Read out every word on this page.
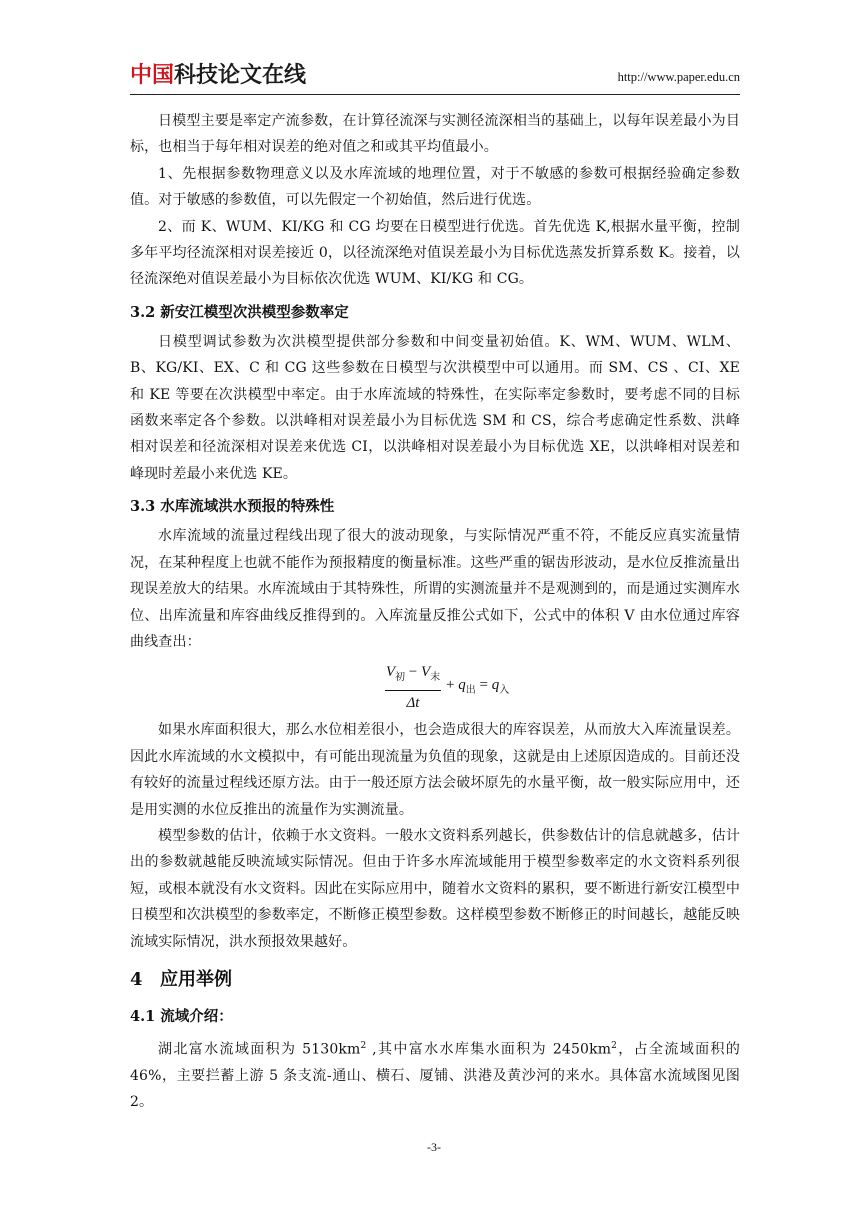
中国科技论文在线	http://www.paper.edu.cn

日模型主要是率定产流参数，在计算径流深与实测径流深相当的基础上，以每年误差最小为目标，也相当于每年相对误差的绝对值之和或其平均值最小。

1、先根据参数物理意义以及水库流域的地理位置，对于不敏感的参数可根据经验确定参数值。对于敏感的参数值，可以先假定一个初始值，然后进行优选。

2、而 K、WUM、KI/KG 和 CG 均要在日模型进行优选。首先优选 K,根据水量平衡，控制多年平均径流深相对误差接近 0，以径流深绝对值误差最小为目标优选蒸发折算系数 K。接着，以径流深绝对值误差最小为目标依次优选 WUM、KI/KG 和 CG。

3.2 新安江模型次洪模型参数率定

日模型调试参数为次洪模型提供部分参数和中间变量初始值。K、WM、WUM、WLM、B、KG/KI、EX、C 和 CG 这些参数在日模型与次洪模型中可以通用。而 SM、CS 、CI、XE 和 KE 等要在次洪模型中率定。由于水库流域的特殊性，在实际率定参数时，要考虑不同的目标函数来率定各个参数。以洪峰相对误差最小为目标优选 SM 和 CS，综合考虑确定性系数、洪峰相对误差和径流深相对误差来优选 CI，以洪峰相对误差最小为目标优选 XE，以洪峰相对误差和峰现时差最小来优选 KE。

3.3 水库流域洪水预报的特殊性

水库流域的流量过程线出现了很大的波动现象，与实际情况严重不符，不能反应真实流量情况，在某种程度上也就不能作为预报精度的衡量标准。这些严重的锯齿形波动，是水位反推流量出现误差放大的结果。水库流域由于其特殊性，所谓的实测流量并不是观测到的，而是通过实测库水位、出库流量和库容曲线反推得到的。入库流量反推公式如下，公式中的体积 V 由水位通过库容曲线查出：

$V_初 - V_末$
Δt
+ $q_出 = q_入$

如果水库面积很大，那么水位相差很小，也会造成很大的库容误差，从而放大入库流量误差。因此水库流域的水文模拟中，有可能出现流量为负值的现象，这就是由上述原因造成的。目前还没有较好的流量过程线还原方法。由于一般还原方法会破坏原先的水量平衡，故一般实际应用中，还是用实测的水位反推出的流量作为实测流量。

模型参数的估计，依赖于水文资料。一般水文资料系列越长，供参数估计的信息就越多，估计出的参数就越能反映流域实际情况。但由于许多水库流域能用于模型参数率定的水文资料系列很短，或根本就没有水文资料。因此在实际应用中，随着水文资料的累积，要不断进行新安江模型中日模型和次洪模型的参数率定，不断修正模型参数。这样模型参数不断修正的时间越长，越能反映流域实际情况，洪水预报效果越好。

4 应用举例
4.1 流域介绍：

湖北富水流域面积为 $5130km^2$ ,其中富水水库集水面积为 $2450km^2$，占全流域面积的 46%，主要拦蓄上游 5 条支流-通山、横石、厦铺、洪港及黄沙河的来水。具体富水流域图见图 2。

-3-
